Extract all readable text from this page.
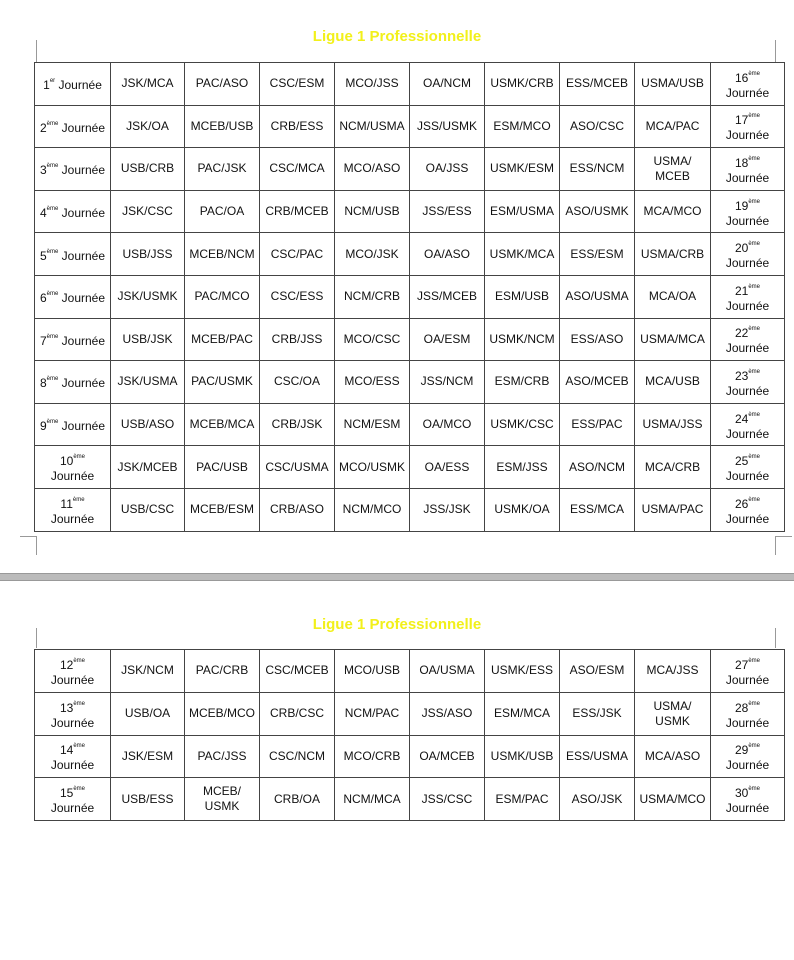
Ligue 1 Professionnelle
1er Journée	JSK/MCA	PAC/ASO	CSC/ESM	MCO/JSS	OA/NCM	USMK/CRB	ESS/MCEB	USMA/USB	16ème
Journée
2ème Journée	JSK/OA	MCEB/USB	CRB/ESS	NCM/USMA	JSS/USMK	ESM/MCO	ASO/CSC	MCA/PAC	17ème
Journée
3ème Journée	USB/CRB	PAC/JSK	CSC/MCA	MCO/ASO	OA/JSS	USMK/ESM	ESS/NCM	USMA/ MCEB	18ème
Journée
4ème Journée	JSK/CSC	PAC/OA	CRB/MCEB	NCM/USB	JSS/ESS	ESM/USMA	ASO/USMK	MCA/MCO	19ème
Journée
5ème Journée	USB/JSS	MCEB/NCM	CSC/PAC	MCO/JSK	OA/ASO	USMK/MCA	ESS/ESM	USMA/CRB	20ème
Journée
6ème Journée	JSK/USMK	PAC/MCO	CSC/ESS	NCM/CRB	JSS/MCEB	ESM/USB	ASO/USMA	MCA/OA	21ème
Journée
7ème Journée	USB/JSK	MCEB/PAC	CRB/JSS	MCO/CSC	OA/ESM	USMK/NCM	ESS/ASO	USMA/MCA	22ème
Journée
8ème Journée	JSK/USMA	PAC/USMK	CSC/OA	MCO/ESS	JSS/NCM	ESM/CRB	ASO/MCEB	MCA/USB	23ème
Journée
9ème Journée	USB/ASO	MCEB/MCA	CRB/JSK	NCM/ESM	OA/MCO	USMK/CSC	ESS/PAC	USMA/JSS	24ème
Journée
10ème
Journée	JSK/MCEB	PAC/USB	CSC/USMA	MCO/USMK	OA/ESS	ESM/JSS	ASO/NCM	MCA/CRB	25ème
Journée
11ème
Journée	USB/CSC	MCEB/ESM	CRB/ASO	NCM/MCO	JSS/JSK	USMK/OA	ESS/MCA	USMA/PAC	26ème
Journée
Ligue 1 Professionnelle
12ème
Journée	JSK/NCM	PAC/CRB	CSC/MCEB	MCO/USB	OA/USMA	USMK/ESS	ASO/ESM	MCA/JSS	27ème
Journée
13ème
Journée	USB/OA	MCEB/MCO	CRB/CSC	NCM/PAC	JSS/ASO	ESM/MCA	ESS/JSK	USMA/ USMK	28ème
Journée
14ème
Journée	JSK/ESM	PAC/JSS	CSC/NCM	MCO/CRB	OA/MCEB	USMK/USB	ESS/USMA	MCA/ASO	29ème
Journée
15ème
Journée	USB/ESS	MCEB/ USMK	CRB/OA	NCM/MCA	JSS/CSC	ESM/PAC	ASO/JSK	USMA/MCO	30ème
Journée
